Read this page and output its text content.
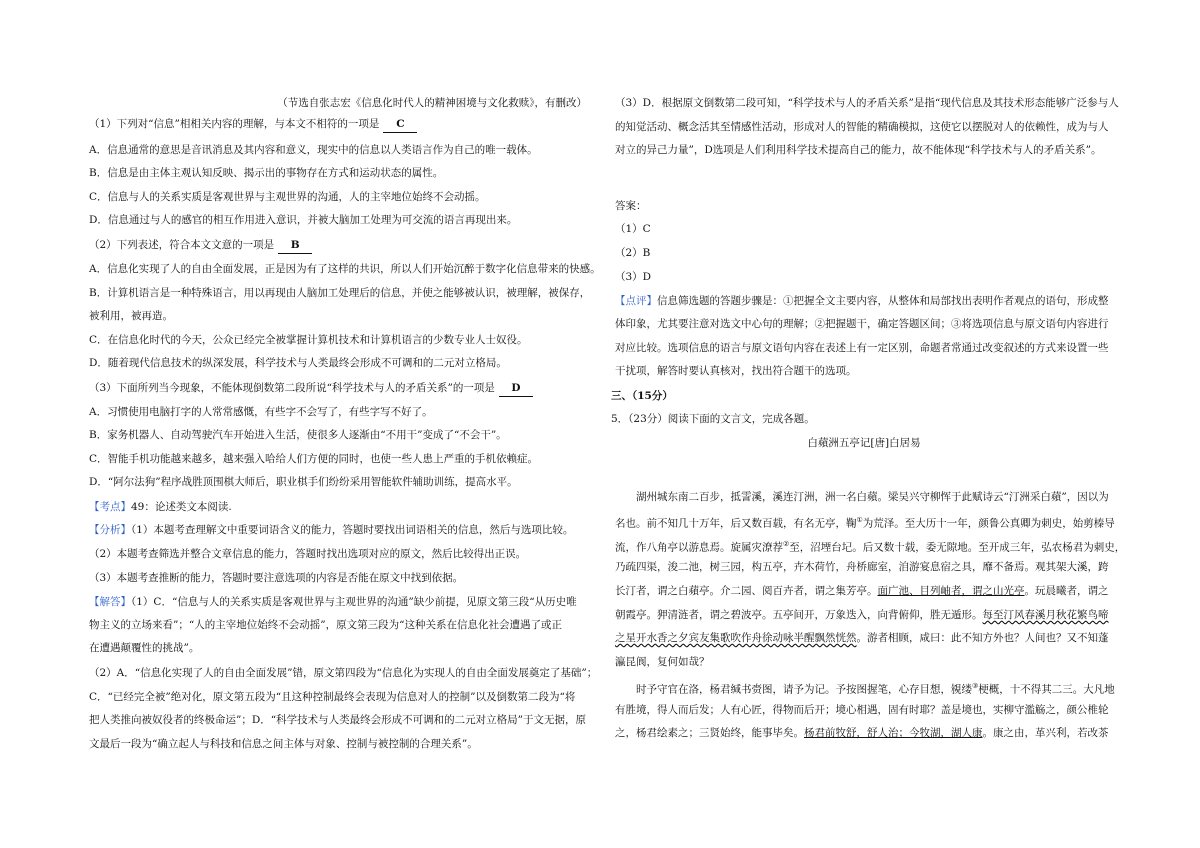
（节选自张志宏《信息化时代人的精神困境与文化救赎》，有删改）
（1）下列对“信息”相相关内容的理解，与本文不相符的一项是 C
A．信息通常的意思是音讯消息及其内容和意义，现实中的信息以人类语言作为自己的唯一载体。
B．信息是由主体主观认知反映、揭示出的事物存在方式和运动状态的属性。
C．信息与人的关系实质是客观世界与主观世界的沟通，人的主宰地位始终不会动摇。
D．信息通过与人的感官的相互作用进入意识，并被大脑加工处理为可交流的语言再现出来。
（2）下列表述，符合本文文意的一项是 B
A．信息化实现了人的自由全面发展，正是因为有了这样的共识，所以人们开始沉醉于数字化信息带来的快感。
B．计算机语言是一种特殊语言，用以再现由人脑加工处理后的信息，并使之能够被认识，被理解，被保存，
被利用，被再造。
C．在信息化时代的今天，公众已经完全被掌握计算机技术和计算机语言的少数专业人士奴役。
D．随着现代信息技术的纵深发展，科学技术与人类最终会形成不可调和的二元对立格局。
（3）下面所列当今现象，不能体现倒数第二段所说“科学技术与人的矛盾关系”的一项是 D
A．习惯使用电脑打字的人常常感慨，有些字不会写了，有些字写不好了。
B．家务机器人、自动驾驶汽车开始进入生活，使很多人逐渐由“不用干”变成了“不会干”。
C．智能手机功能越来越多，越来强入哈给人们方便的同时，也使一些人患上严重的手机依赖症。
D．“阿尔法狗”程序战胜顶围棋大师后，职业棋手们纷纷采用智能软件辅助训练，提高水平。
【考点】49：论述类文本阅读.
【分析】（1）本题考查理解文中重要词语含义的能力，答题时要找出词语相关的信息，然后与选项比较。
（2）本题考查筛选并整合文章信息的能力，答题时找出选项对应的原文，然后比较得出正误。
（3）本题考查推断的能力，答题时要注意选项的内容是否能在原文中找到依据。
【解答】（1）C．“信息与人的关系实质是客观世界与主观世界的沟通”缺少前提，见原文第三段“从历史唯
物主义的立场来看”；“人的主宰地位始终不会动摇”，原文第三段为“这种关系在信息化社会遭遇了或正
在遭遇颠覆性的挑战”。
（2）A．“信息化实现了人的自由全面发展”错，原文第四段为“信息化为实现人的自由全面发展奠定了基础”；
C．“已经完全被”绝对化，原文第五段为“且这种控制最终会表现为信息对人的控制”以及倒数第二段为“将
把人类推向被奴役者的终极命运”；D．“科学技术与人类最终会形成不可调和的二元对立格局”于文无据，原
文最后一段为“确立起人与科技和信息之间主体与对象、控制与被控制的合理关系”。
（3）D．根据原文倒数第二段可知，“科学技术与人的矛盾关系”是指“现代信息及其技术形态能够广泛参与人
的知觉活动、概念活其至情感性活动，形成对人的智能的精确模拟，这使它以摆脱对人的依赖性，成为与人
对立的异己力量”，D选项是人们利用科学技术提高自己的能力，故不能体现“科学技术与人的矛盾关系”。
答案：
（1）C
（2）B
（3）D
【点评】信息筛选题的答题步骤是：①把握全文主要内容，从整体和局部找出表明作者观点的语句，形成整
体印象，尤其要注意对选文中心句的理解；②把握题干，确定答题区间；③将选项信息与原文语句内容进行
对应比较。选项信息的语言与原文语句内容在表述上有一定区别，命题者常通过改变叙述的方式来设置一些
干扰项，解答时要认真核对，找出符合题干的选项。
三、（15分）
5．（23分）阅读下面的文言文，完成各题。
白蘋洲五亭记[唐]白居易
湖州城东南二百步，抵霅溪，溪连汀洲，洲一名白蘋。梁吴兴守柳恽于此赋诗云“汀洲采白蘋”，因以为
名也。前不知几十万年，后又数百载，有名无亭，鞠①为荒泽。至大历十一年，颜鲁公真卿为刺史，始剪榛导
流，作八角亭以游息焉。旋属灾潦荐②至，沼堙台圮。后又数十载，委无隙地。至开成三年，弘农杨君为刺史，
乃疏四渠，浚二池，树三园，构五亭，卉木荷竹，舟桥廊室，洎游宴息宿之具，靡不备焉。观其架大溪，跨
长汀者，谓之白蘋亭。介二园、阅百卉者，谓之集芳亭。面广池、目列岫者，谓之山光亭。玩晨曦者，谓之
朝霞亭。狎清涟者，谓之碧波亭。五亭间开，万象迭入，向背俯仰，胜无遁形。每至汀风春溪月秋花繁鸟啼
之星开水香之夕宾友集歌吹作舟徐动咏半醒飘然恍然。游者相顾，咸曰：此不知方外也？人间也？又不知蓬
瀛昆阆，复何如哉？
时予守官在洛，杨君缄书赍图，请予为记。予按图握笔，心存目想，覙缕③梗概，十不得其二三。大凡地
有胜境，得人而后发；人有心匠，得物而后开；境心相遇，固有时耶？盖是境也，实柳守濫觞之，颜公椎轮
之，杨君绘素之；三贤始终，能事毕矣。杨君前牧舒，舒人治；今牧湖，湖人康。康之由，革兴利，若改茶
